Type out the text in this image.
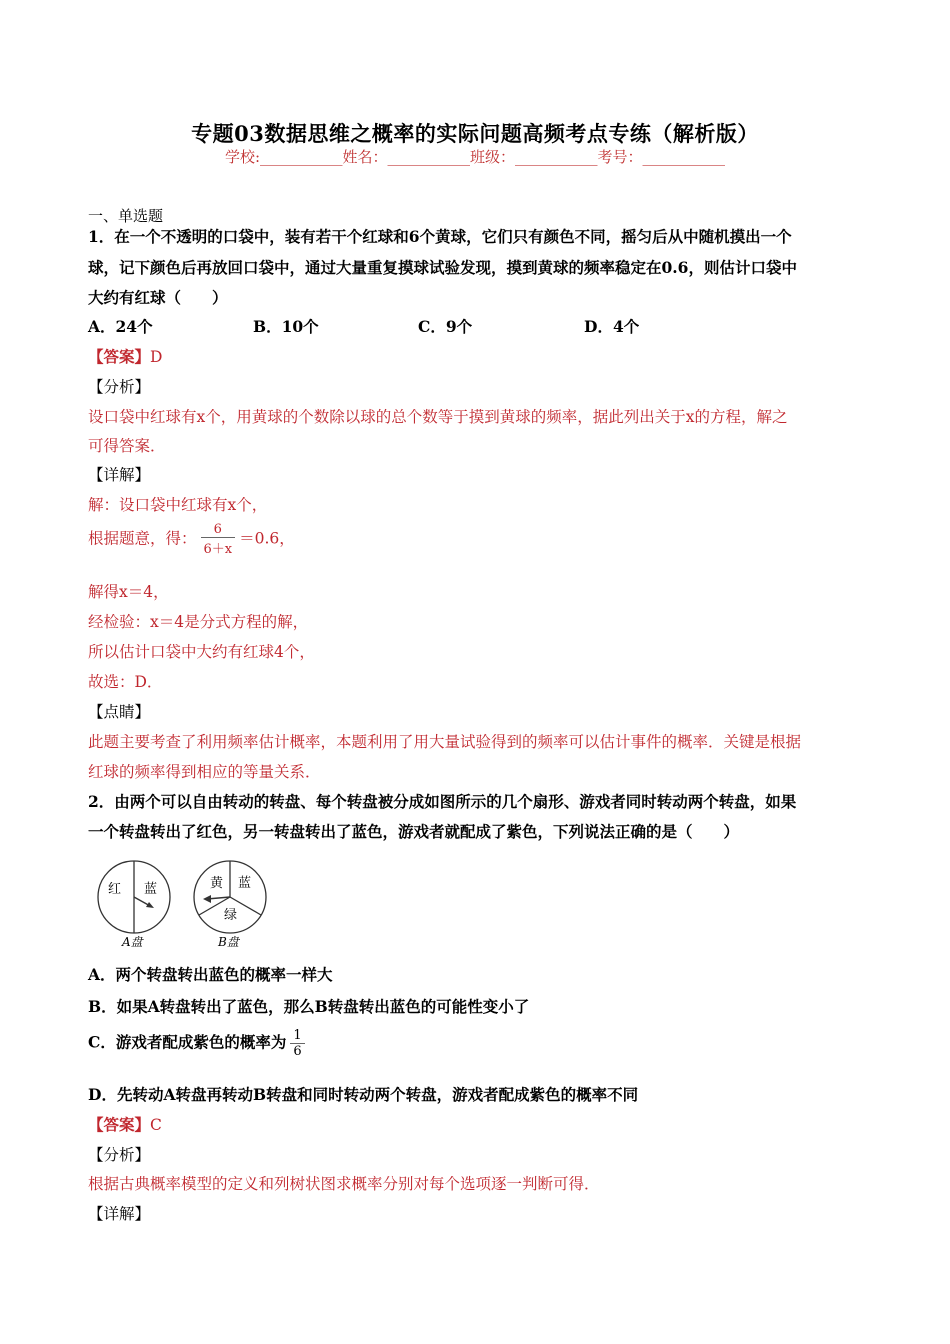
专题03数据思维之概率的实际问题高频考点专练（解析版）
学校:___________姓名：___________班级：___________考号：___________
一、单选题
1．在一个不透明的口袋中，装有若干个红球和6个黄球，它们只有颜色不同，摇匀后从中随机摸出一个
球，记下颜色后再放回口袋中，通过大量重复摸球试验发现，摸到黄球的频率稳定在0.6，则估计口袋中
大约有红球（　　）
A．24个	B．10个	C．9个	D．4个
【答案】D
【分析】
设口袋中红球有x个，用黄球的个数除以球的总个数等于摸到黄球的频率，据此列出关于x的方程，解之
可得答案．
【详解】
解：设口袋中红球有x个，
根据题意，得： $\frac{6}{6+x} =0.6$，
解得x＝4，
经检验：x＝4是分式方程的解，
所以估计口袋中大约有红球4个，
故选：D．
【点睛】
此题主要考查了利用频率估计概率，本题利用了用大量试验得到的频率可以估计事件的概率．关键是根据
红球的频率得到相应的等量关系．
2．由两个可以自由转动的转盘、每个转盘被分成如图所示的几个扇形、游戏者同时转动两个转盘，如果
一个转盘转出了红色，另一转盘转出了蓝色，游戏者就配成了紫色，下列说法正确的是（　　）
红 蓝
A盘
黄 蓝
绿
B盘
A．两个转盘转出蓝色的概率一样大
B．如果A转盘转出了蓝色，那么B转盘转出蓝色的可能性变小了
C．游戏者配成紫色的概率为 $\frac{1}{6}$
D．先转动A转盘再转动B转盘和同时转动两个转盘，游戏者配成紫色的概率不同
【答案】C
【分析】
根据古典概率模型的定义和列树状图求概率分别对每个选项逐一判断可得．
【详解】
